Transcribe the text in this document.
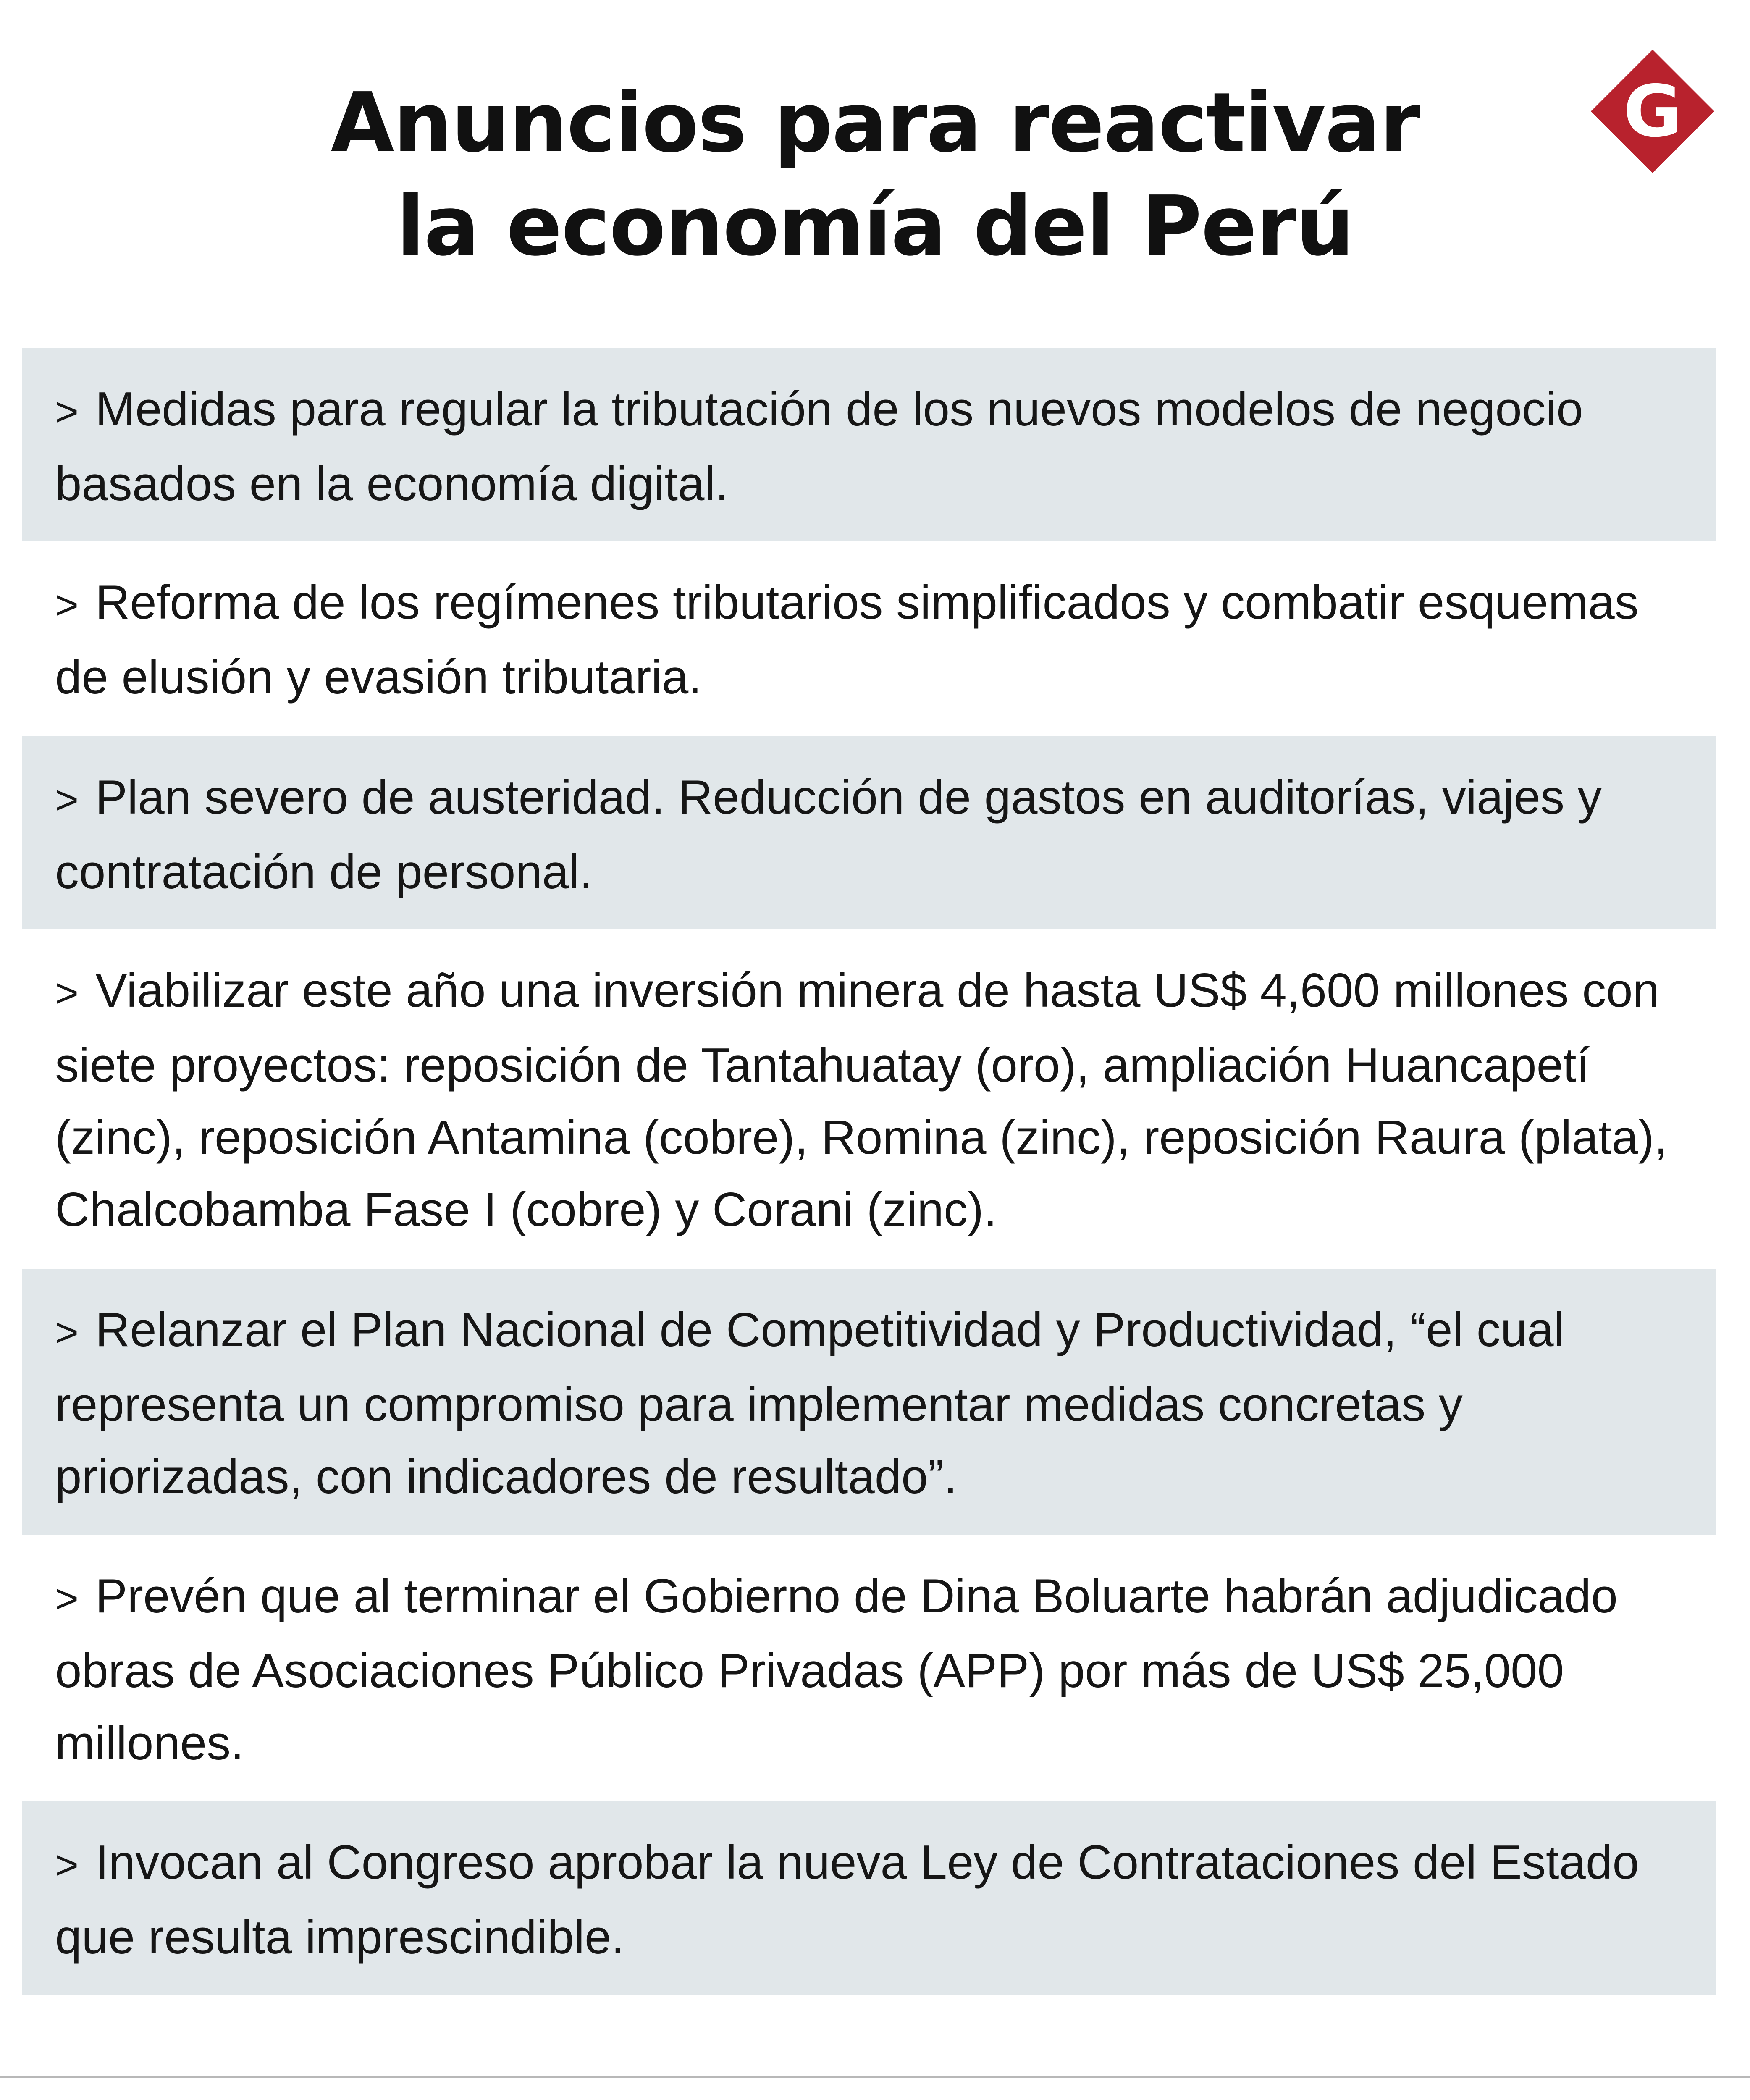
Anuncios para reactivar
la economía del Perú
G
> Medidas para regular la tributación de los nuevos modelos de negocio basados en la economía digital.
> Reforma de los regímenes tributarios simplificados y combatir esquemas de elusión y evasión tributaria.
> Plan severo de austeridad. Reducción de gastos en auditorías, viajes y contratación de personal.
> Viabilizar este año una inversión minera de hasta US$ 4,600 millones con siete proyectos: reposición de Tantahuatay (oro), ampliación Huancapetí (zinc), reposición Antamina (cobre), Romina (zinc), reposición Raura (plata), Chalcobamba Fase I (cobre) y Corani (zinc).
> Relanzar el Plan Nacional de Competitividad y Productividad, “el cual representa un compromiso para implementar medidas concretas y priorizadas, con indicadores de resultado”.
> Prevén que al terminar el Gobierno de Dina Boluarte habrán adjudicado obras de Asociaciones Público Privadas (APP) por más de US$ 25,000 millones.
> Invocan al Congreso aprobar la nueva Ley de Contrataciones del Estado que resulta imprescindible.
